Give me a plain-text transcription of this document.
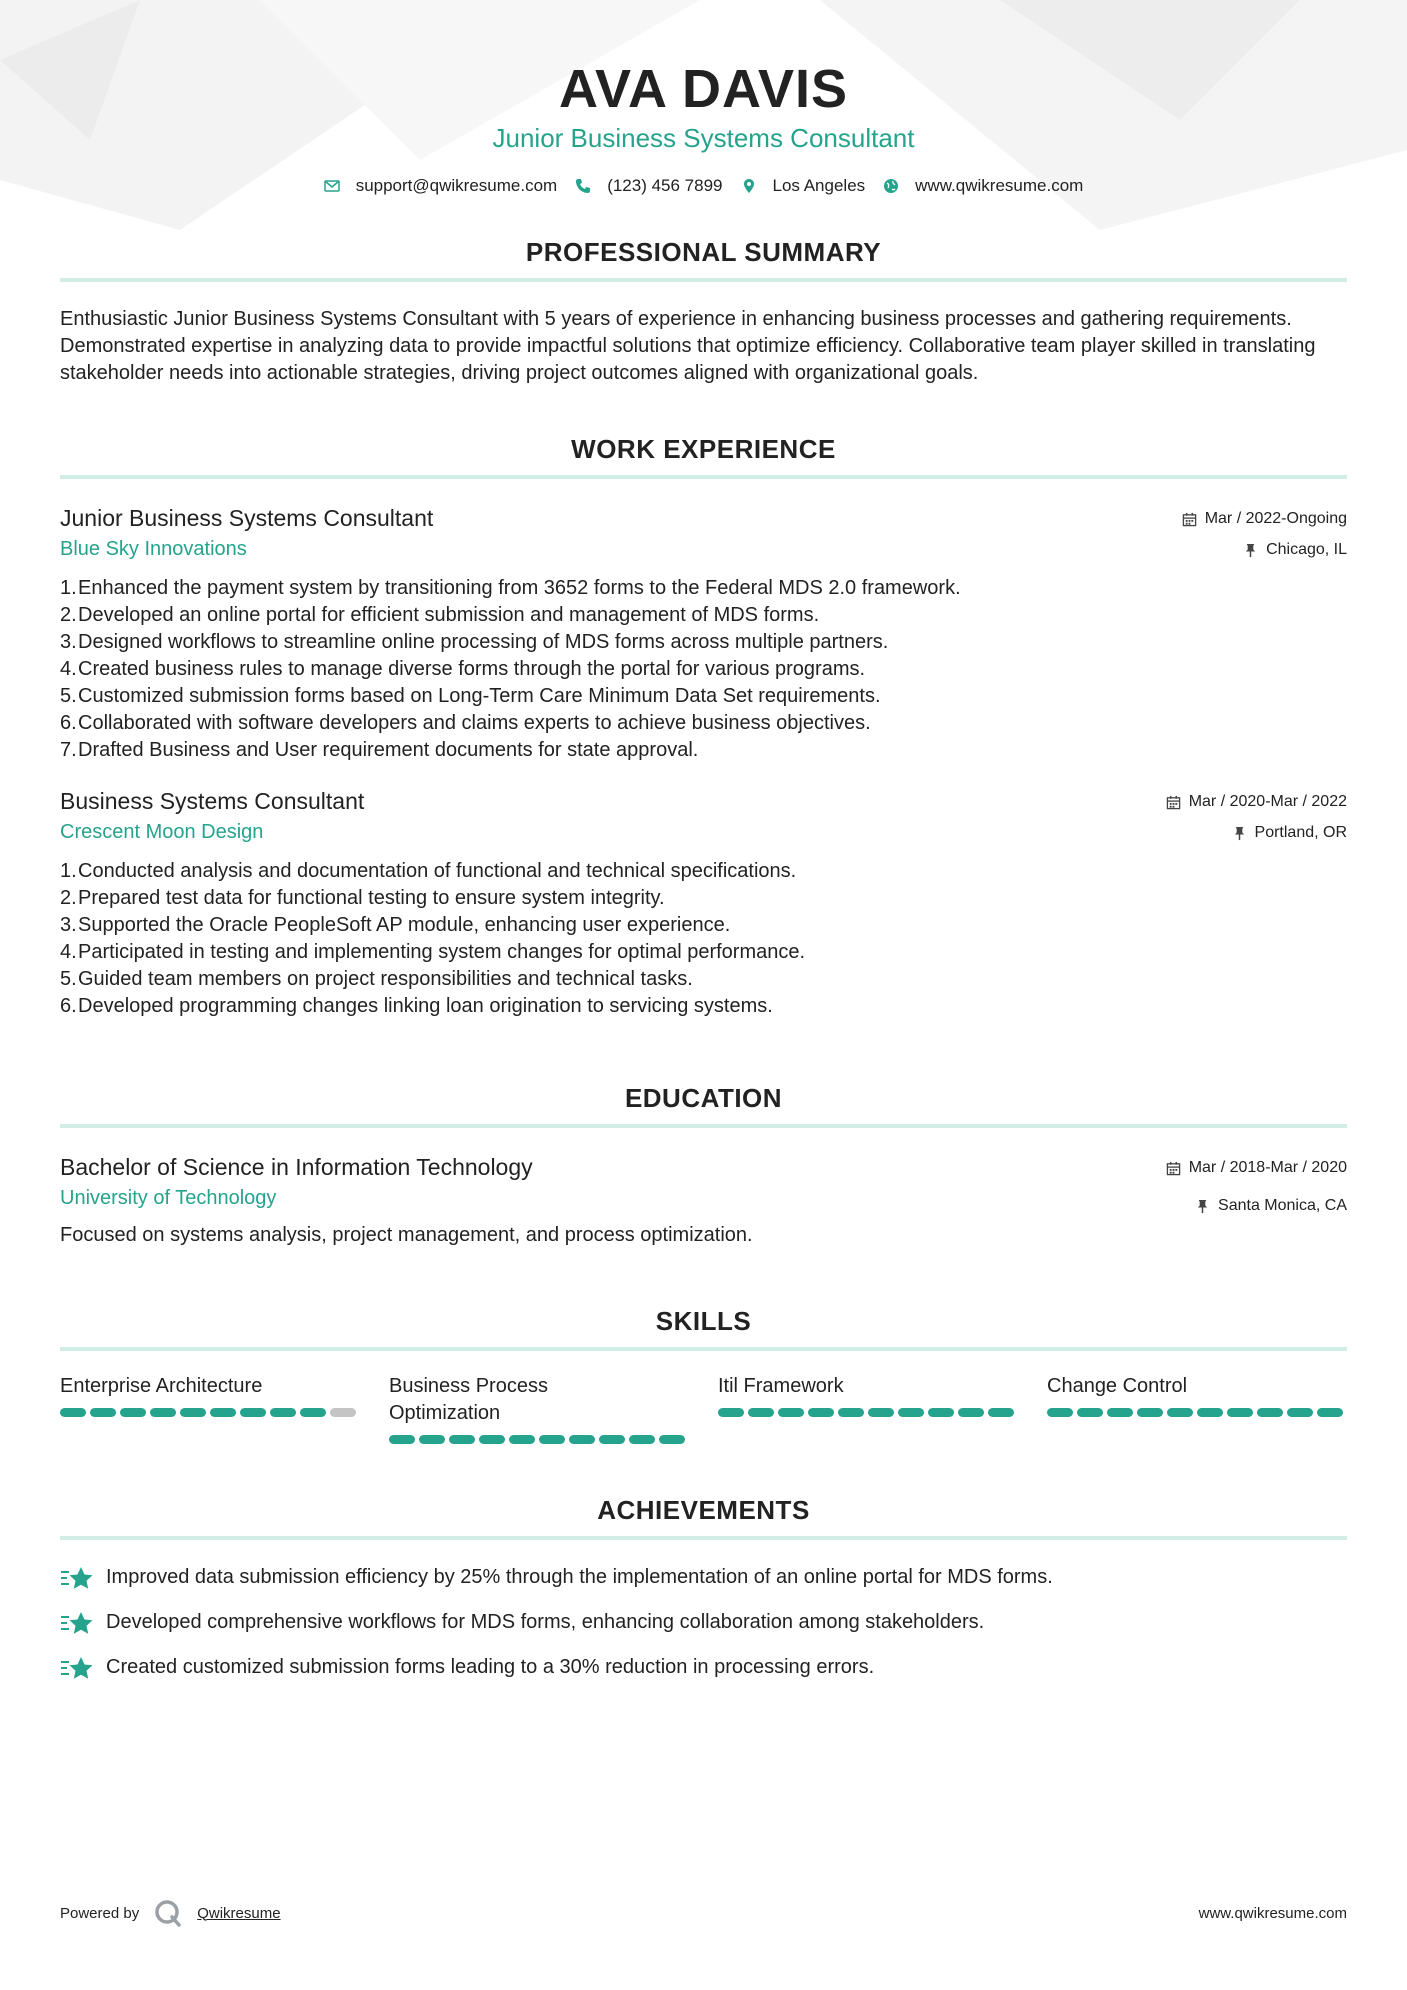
AVA DAVIS
Junior Business Systems Consultant
support@qwikresume.com	(123) 456 7899	Los Angeles	www.qwikresume.com
PROFESSIONAL SUMMARY

Enthusiastic Junior Business Systems Consultant with 5 years of experience in enhancing business processes and gathering requirements. Demonstrated expertise in analyzing data to provide impactful solutions that optimize efficiency. Collaborative team player skilled in translating stakeholder needs into actionable strategies, driving project outcomes aligned with organizational goals.

WORK EXPERIENCE
Junior Business Systems Consultant
Blue Sky Innovations
Mar / 2022-Ongoing
Chicago, IL
1. Enhanced the payment system by transitioning from 3652 forms to the Federal MDS 2.0 framework.
2. Developed an online portal for efficient submission and management of MDS forms.
3. Designed workflows to streamline online processing of MDS forms across multiple partners.
4. Created business rules to manage diverse forms through the portal for various programs.
5. Customized submission forms based on Long-Term Care Minimum Data Set requirements.
6. Collaborated with software developers and claims experts to achieve business objectives.
7. Drafted Business and User requirement documents for state approval.
Business Systems Consultant
Crescent Moon Design
Mar / 2020-Mar / 2022
Portland, OR
1. Conducted analysis and documentation of functional and technical specifications.
2. Prepared test data for functional testing to ensure system integrity.
3. Supported the Oracle PeopleSoft AP module, enhancing user experience.
4. Participated in testing and implementing system changes for optimal performance.
5. Guided team members on project responsibilities and technical tasks.
6. Developed programming changes linking loan origination to servicing systems.
EDUCATION
Bachelor of Science in Information Technology
University of Technology
Mar / 2018-Mar / 2020
Santa Monica, CA

Focused on systems analysis, project management, and process optimization.

SKILLS
Enterprise Architecture	Business Process Optimization
Itil Framework	Change Control
ACHIEVEMENTS
Improved data submission efficiency by 25% through the implementation of an online portal for MDS forms.
Developed comprehensive workflows for MDS forms, enhancing collaboration among stakeholders.
Created customized submission forms leading to a 30% reduction in processing errors.
Powered by	Qwikresume	www.qwikresume.com
